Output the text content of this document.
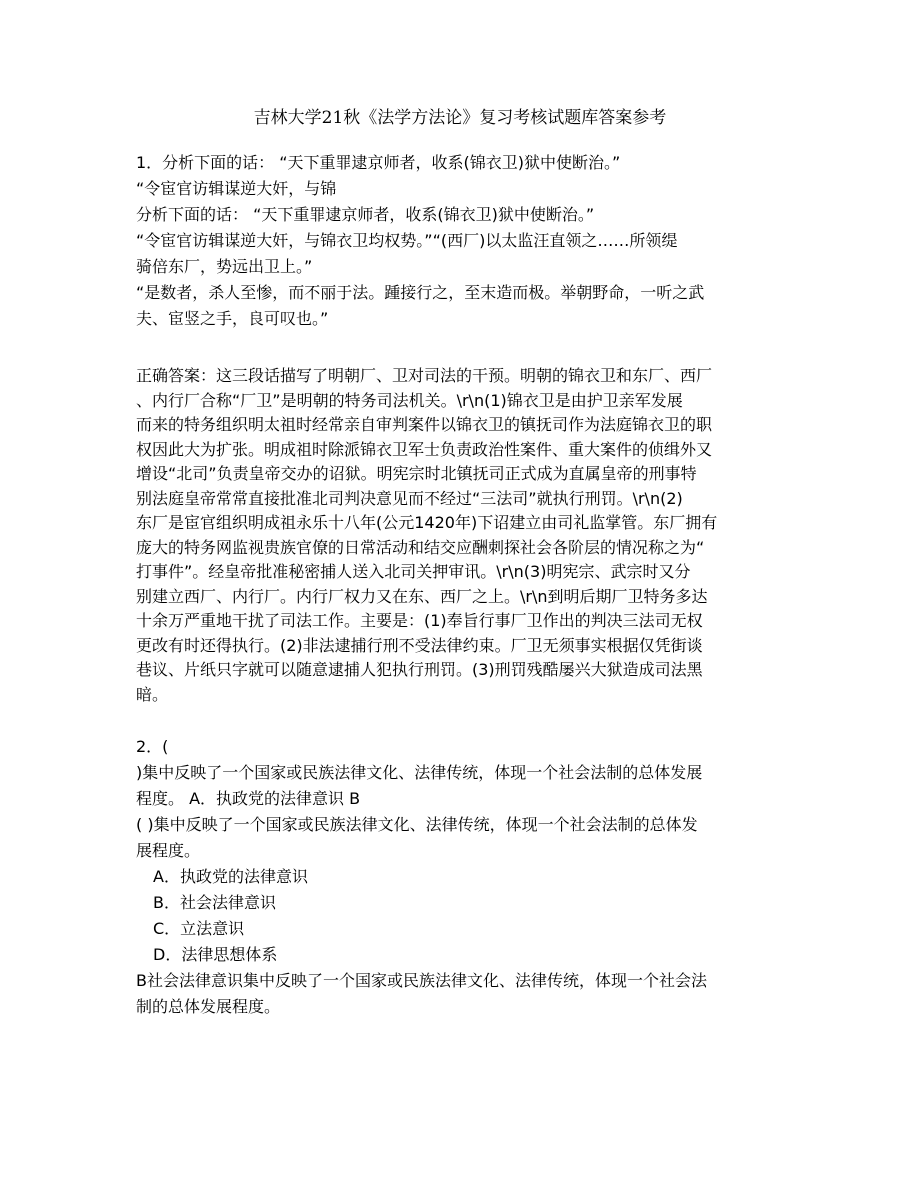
吉林大学21秋《法学方法论》复习考核试题库答案参考
1．分析下面的话： “天下重罪逮京师者，收系(锦衣卫)狱中使断治。”
“令宦官访辑谋逆大奸，与锦
分析下面的话： “天下重罪逮京师者，收系(锦衣卫)狱中使断治。”
“令宦官访辑谋逆大奸，与锦衣卫均权势。”“(西厂)以太监汪直领之……所领缇
骑倍东厂，势远出卫上。”
“是数者，杀人至惨，而不丽于法。踵接行之，至末造而极。举朝野命，一听之武
夫、宦竖之手，良可叹也。”
正确答案：这三段话描写了明朝厂、卫对司法的干预。明朝的锦衣卫和东厂、西厂
、内行厂合称“厂卫”是明朝的特务司法机关。\r\n(1)锦衣卫是由护卫亲军发展
而来的特务组织明太祖时经常亲自审判案件以锦衣卫的镇抚司作为法庭锦衣卫的职
权因此大为扩张。明成祖时除派锦衣卫军士负责政治性案件、重大案件的侦缉外又
增设“北司”负责皇帝交办的诏狱。明宪宗时北镇抚司正式成为直属皇帝的刑事特
别法庭皇帝常常直接批准北司判决意见而不经过“三法司”就执行刑罚。\r\n(2)
东厂是宦官组织明成祖永乐十八年(公元1420年)下诏建立由司礼监掌管。东厂拥有
庞大的特务网监视贵族官僚的日常活动和结交应酬刺探社会各阶层的情况称之为“
打事件”。经皇帝批准秘密捕人送入北司关押审讯。\r\n(3)明宪宗、武宗时又分
别建立西厂、内行厂。内行厂权力又在东、西厂之上。\r\n到明后期厂卫特务多达
十余万严重地干扰了司法工作。主要是：(1)奉旨行事厂卫作出的判决三法司无权
更改有时还得执行。(2)非法逮捕行刑不受法律约束。厂卫无须事实根据仅凭街谈
巷议、片纸只字就可以随意逮捕人犯执行刑罚。(3)刑罚残酷屡兴大狱造成司法黑
暗。
2．(
)集中反映了一个国家或民族法律文化、法律传统，体现一个社会法制的总体发展
程度。 A．执政党的法律意识 B
( )集中反映了一个国家或民族法律文化、法律传统，体现一个社会法制的总体发
展程度。
A．执政党的法律意识
B．社会法律意识
C．立法意识
D．法律思想体系
B社会法律意识集中反映了一个国家或民族法律文化、法律传统，体现一个社会法
制的总体发展程度。
